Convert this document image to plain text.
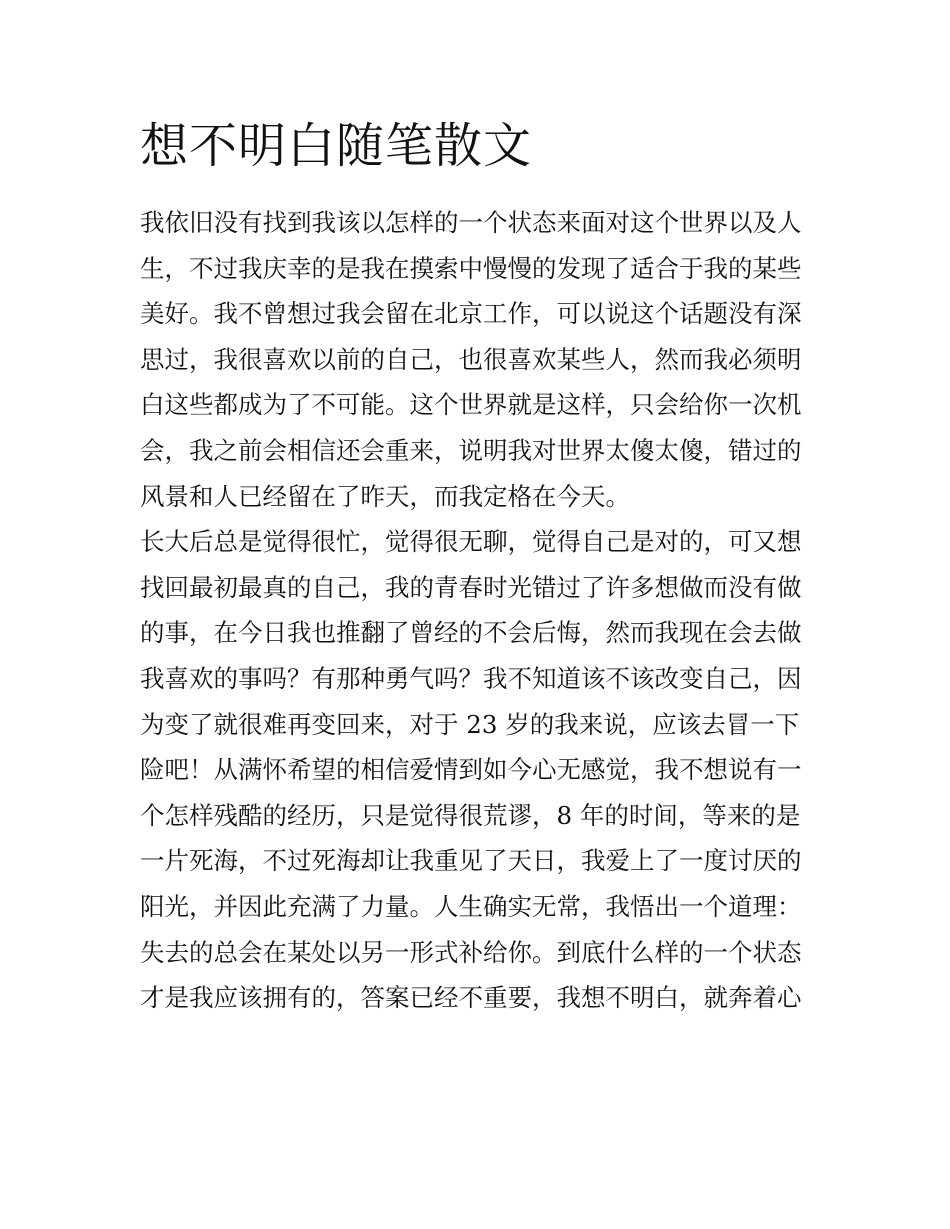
想不明白随笔散文
我依旧没有找到我该以怎样的一个状态来面对这个世界以及人
生，不过我庆幸的是我在摸索中慢慢的发现了适合于我的某些
美好。我不曾想过我会留在北京工作，可以说这个话题没有深
思过，我很喜欢以前的自己，也很喜欢某些人，然而我必须明
白这些都成为了不可能。这个世界就是这样，只会给你一次机
会，我之前会相信还会重来，说明我对世界太傻太傻，错过的
风景和人已经留在了昨天，而我定格在今天。
长大后总是觉得很忙，觉得很无聊，觉得自己是对的，可又想
找回最初最真的自己，我的青春时光错过了许多想做而没有做
的事，在今日我也推翻了曾经的不会后悔，然而我现在会去做
我喜欢的事吗？有那种勇气吗？我不知道该不该改变自己，因
为变了就很难再变回来，对于 23 岁的我来说，应该去冒一下
险吧！从满怀希望的相信爱情到如今心无感觉，我不想说有一
个怎样残酷的经历，只是觉得很荒谬，8 年的时间，等来的是
一片死海，不过死海却让我重见了天日，我爱上了一度讨厌的
阳光，并因此充满了力量。人生确实无常，我悟出一个道理：
失去的总会在某处以另一形式补给你。到底什么样的一个状态
才是我应该拥有的，答案已经不重要，我想不明白，就奔着心
